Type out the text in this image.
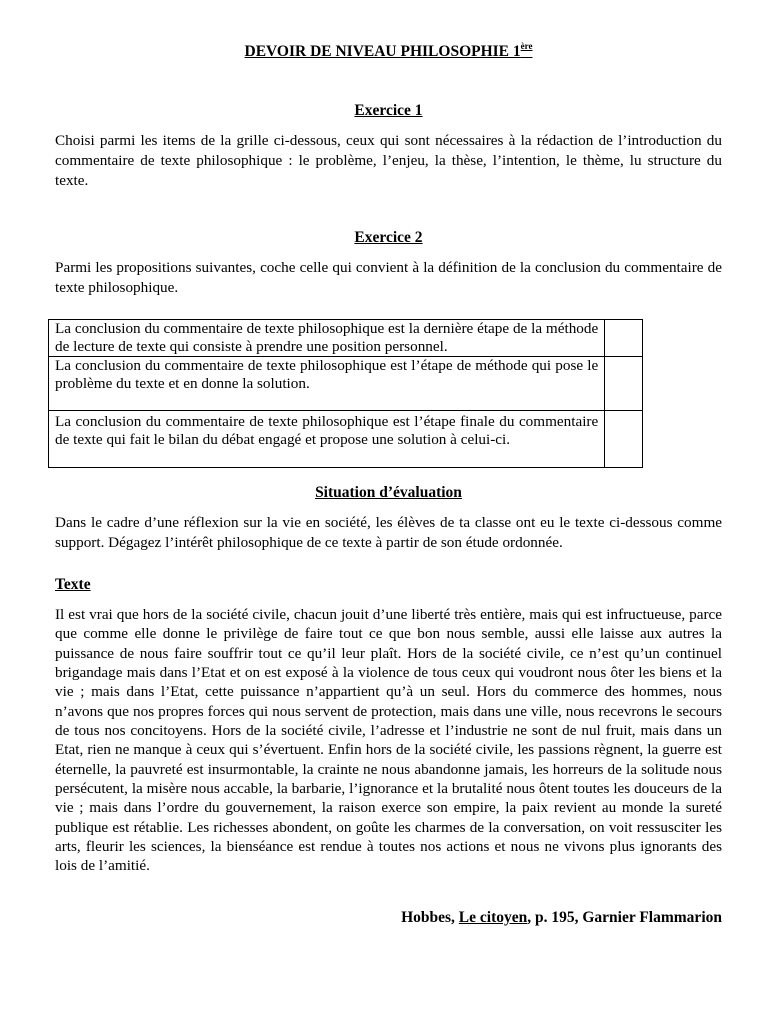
DEVOIR DE NIVEAU PHILOSOPHIE 1ère
Exercice 1

Choisi parmi les items de la grille ci-dessous, ceux qui sont nécessaires à la rédaction de l’introduction du commentaire de texte philosophique : le problème, l’enjeu, la thèse, l’intention, le thème, lu structure du texte.

Exercice 2

Parmi les propositions suivantes, coche celle qui convient à la définition de la conclusion du commentaire de texte philosophique.

La conclusion du commentaire de texte philosophique est la dernière étape de la méthode de lecture de texte qui consiste à prendre une position personnel.	
La conclusion du commentaire de texte philosophique est l’étape de méthode qui pose le problème du texte et en donne la solution.	
La conclusion du commentaire de texte philosophique est l’étape finale du commentaire de texte qui fait le bilan du débat engagé et propose une solution à celui-ci.	
Situation d’évaluation

Dans le cadre d’une réflexion sur la vie en société, les élèves de ta classe ont eu le texte ci-dessous comme support. Dégagez l’intérêt philosophique de ce texte à partir de son étude ordonnée.

Texte

Il est vrai que hors de la société civile, chacun jouit d’une liberté très entière, mais qui est infructueuse, parce que comme elle donne le privilège de faire tout ce que bon nous semble, aussi elle laisse aux autres la puissance de nous faire souffrir tout ce qu’il leur plaît. Hors de la société civile, ce n’est qu’un continuel brigandage mais dans l’Etat et on est exposé à la violence de tous ceux qui voudront nous ôter les biens et la vie ; mais dans l’Etat, cette puissance n’appartient qu’à un seul. Hors du commerce des hommes, nous n’avons que nos propres forces qui nous servent de protection, mais dans une ville, nous recevrons le secours de tous nos concitoyens. Hors de la société civile, l’adresse et l’industrie ne sont de nul fruit, mais dans un Etat, rien ne manque à ceux qui s’évertuent. Enfin hors de la société civile, les passions règnent, la guerre est éternelle, la pauvreté est insurmontable, la crainte ne nous abandonne jamais, les horreurs de la solitude nous persécutent, la misère nous accable, la barbarie, l’ignorance et la brutalité nous ôtent toutes les douceurs de la vie ; mais dans l’ordre du gouvernement, la raison exerce son empire, la paix revient au monde la sureté publique est rétablie. Les richesses abondent, on goûte les charmes de la conversation, on voit ressusciter les arts, fleurir les sciences, la bienséance est rendue à toutes nos actions et nous ne vivons plus ignorants des lois de l’amitié.

Hobbes, Le citoyen, p. 195, Garnier Flammarion
